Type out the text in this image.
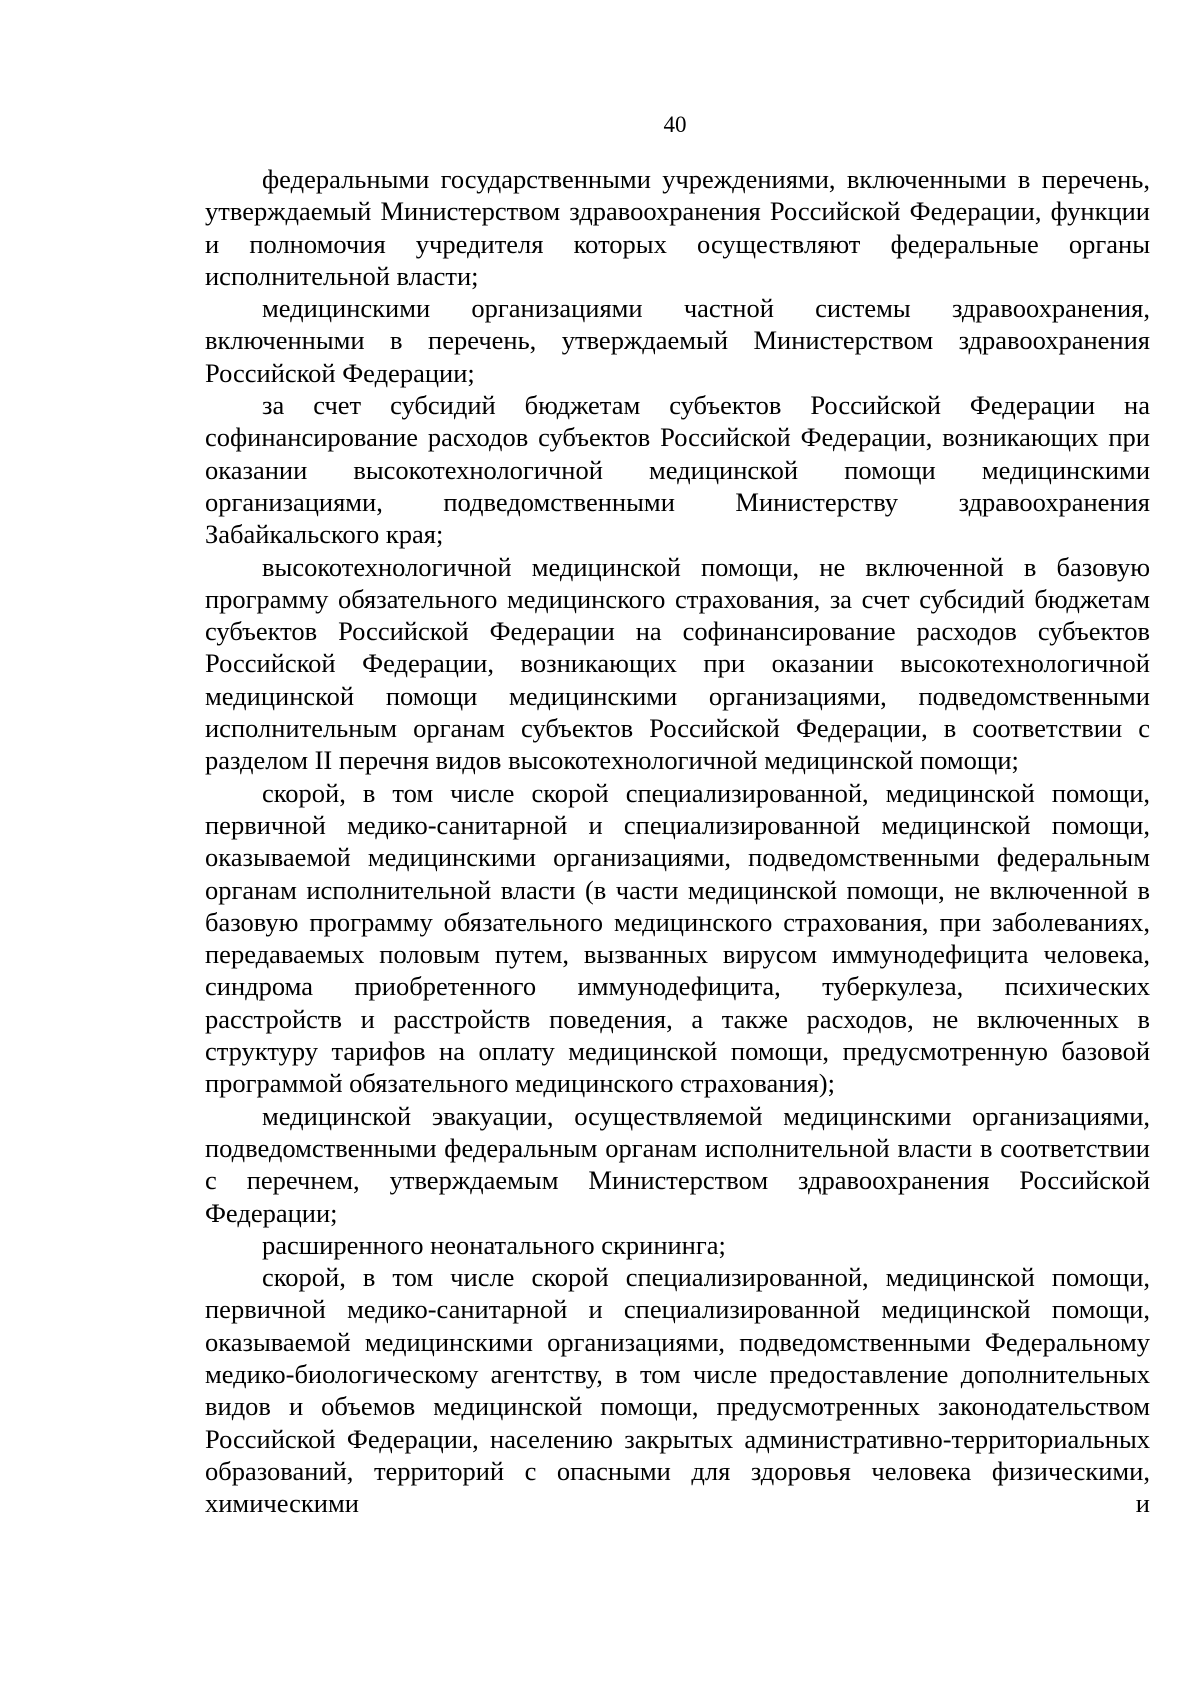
40

федеральными государственными учреждениями, включенными в перечень, утверждаемый Министерством здравоохранения Российской Федерации, функции и полномочия учредителя которых осуществляют федеральные органы исполнительной власти;

медицинскими организациями частной системы здравоохранения, включенными в перечень, утверждаемый Министерством здравоохранения Российской Федерации;

за счет субсидий бюджетам субъектов Российской Федерации на софинансирование расходов субъектов Российской Федерации, возникающих при оказании высокотехнологичной медицинской помощи медицинскими организациями, подведомственными Министерству здравоохранения Забайкальского края;

высокотехнологичной медицинской помощи, не включенной в базовую программу обязательного медицинского страхования, за счет субсидий бюджетам субъектов Российской Федерации на софинансирование расходов субъектов Российской Федерации, возникающих при оказании высокотехнологичной медицинской помощи медицинскими организациями, подведомственными исполнительным органам субъектов Российской Федерации, в соответствии с разделом II перечня видов высокотехнологичной медицинской помощи;

скорой, в том числе скорой специализированной, медицинской помощи, первичной медико-санитарной и специализированной медицинской помощи, оказываемой медицинскими организациями, подведомственными федеральным органам исполнительной власти (в части медицинской помощи, не включенной в базовую программу обязательного медицинского страхования, при заболеваниях, передаваемых половым путем, вызванных вирусом иммунодефицита человека, синдрома приобретенного иммунодефицита, туберкулеза, психических расстройств и расстройств поведения, а также расходов, не включенных в структуру тарифов на оплату медицинской помощи, предусмотренную базовой программой обязательного медицинского страхования);

медицинской эвакуации, осуществляемой медицинскими организациями, подведомственными федеральным органам исполнительной власти в соответствии с перечнем, утверждаемым Министерством здравоохранения Российской Федерации;

расширенного неонатального скрининга;

скорой, в том числе скорой специализированной, медицинской помощи, первичной медико-санитарной и специализированной медицинской помощи, оказываемой медицинскими организациями, подведомственными Федеральному медико-биологическому агентству, в том числе предоставление дополнительных видов и объемов медицинской помощи, предусмотренных законодательством Российской Федерации, населению закрытых административно-территориальных образований, территорий с опасными для здоровья человека физическими, химическими и
